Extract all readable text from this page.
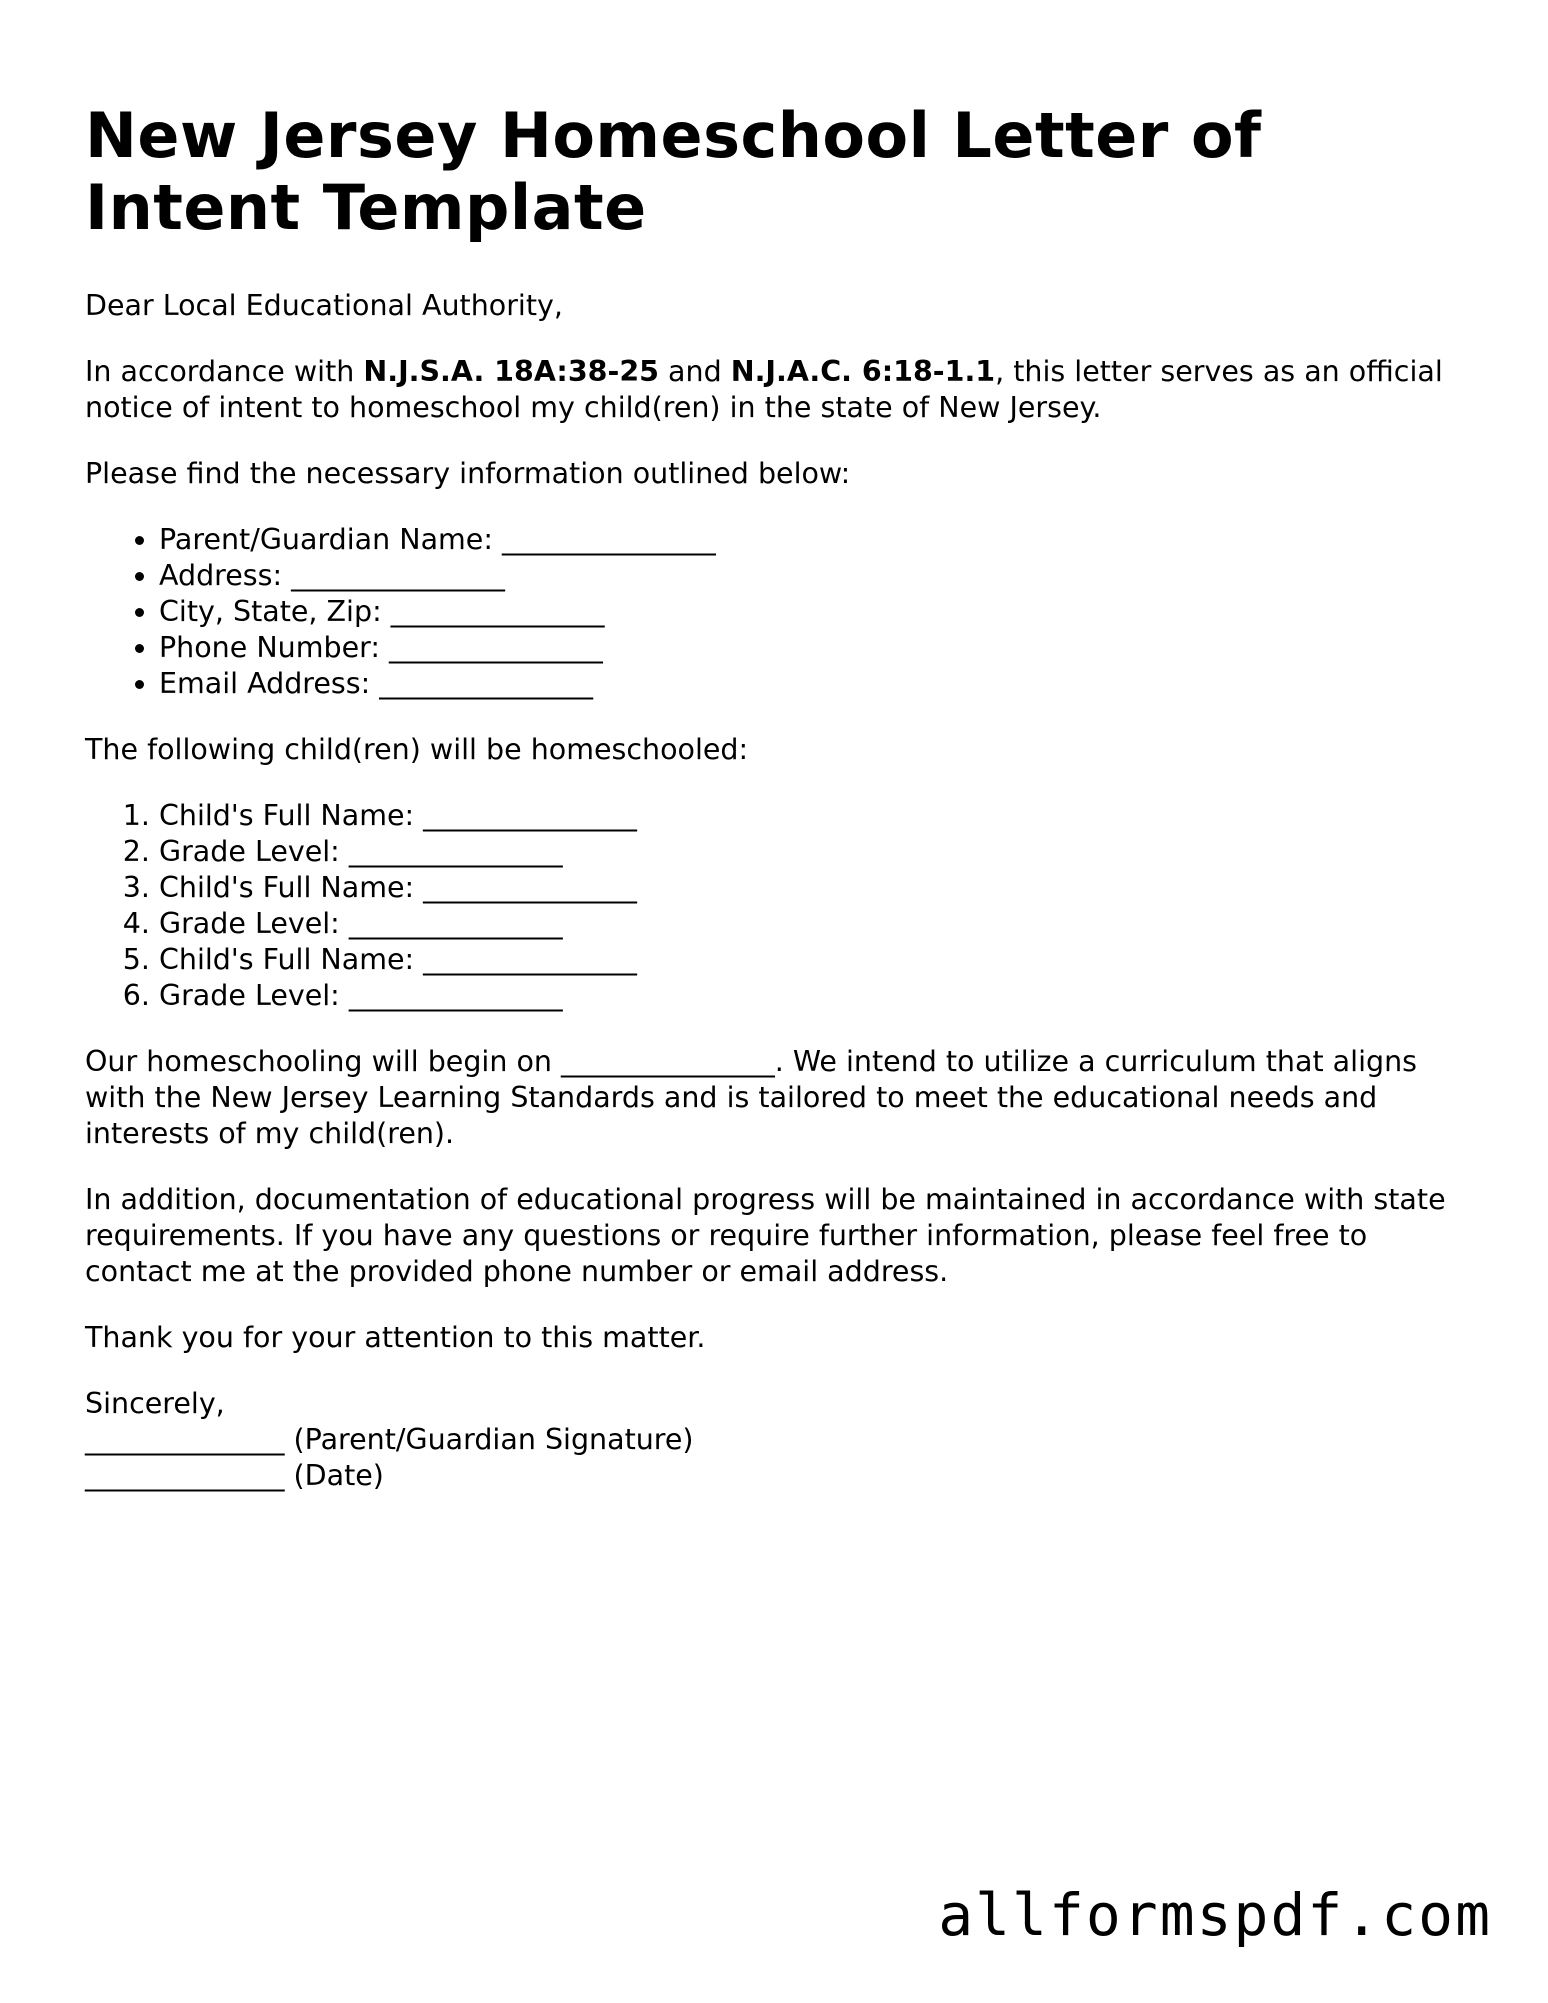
New Jersey Homeschool Letter of Intent Template

Dear Local Educational Authority,

In accordance with N.J.S.A. 18A:38-25 and N.J.A.C. 6:18-1.1, this letter serves as an official notice of intent to homeschool my child(ren) in the state of New Jersey.

Please find the necessary information outlined below:

• Parent/Guardian Name: _______________
• Address: _______________
• City, State, Zip: _______________
• Phone Number: _______________
• Email Address: _______________

The following child(ren) will be homeschooled:

1. Child's Full Name: _______________
2. Grade Level: _______________
3. Child's Full Name: _______________
4. Grade Level: _______________
5. Child's Full Name: _______________
6. Grade Level: _______________

Our homeschooling will begin on _______________. We intend to utilize a curriculum that aligns with the New Jersey Learning Standards and is tailored to meet the educational needs and interests of my child(ren).

In addition, documentation of educational progress will be maintained in accordance with state requirements. If you have any questions or require further information, please feel free to contact me at the provided phone number or email address.

Thank you for your attention to this matter.

Sincerely,

______________ (Parent/Guardian Signature)

______________ (Date)

allformspdf.com
